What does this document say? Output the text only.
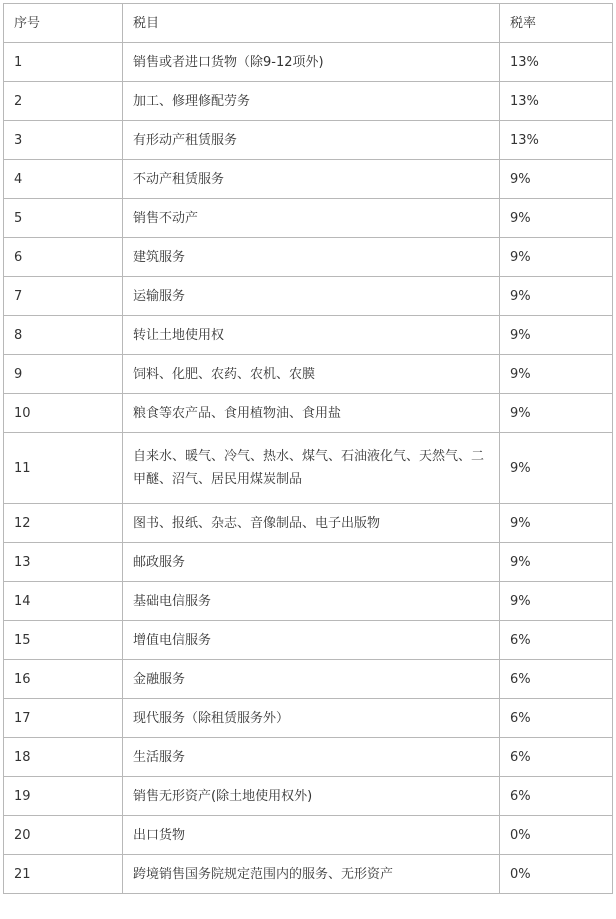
序号	税目	税率
1	销售或者进口货物（除9-12项外)	13%
2	加工、修理修配劳务	13%
3	有形动产租赁服务	13%
4	不动产租赁服务	9%
5	销售不动产	9%
6	建筑服务	9%
7	运输服务	9%
8	转让土地使用权	9%
9	饲料、化肥、农药、农机、农膜	9%
10	粮食等农产品、食用植物油、食用盐	9%
11	自来水、暖气、冷气、热水、煤气、石油液化气、天然气、二甲醚、沼气、居民用煤炭制品	9%
12	图书、报纸、杂志、音像制品、电子出版物	9%
13	邮政服务	9%
14	基础电信服务	9%
15	增值电信服务	6%
16	金融服务	6%
17	现代服务（除租赁服务外）	6%
18	生活服务	6%
19	销售无形资产(除土地使用权外)	6%
20	出口货物	0%
21	跨境销售国务院规定范围内的服务、无形资产	0%
